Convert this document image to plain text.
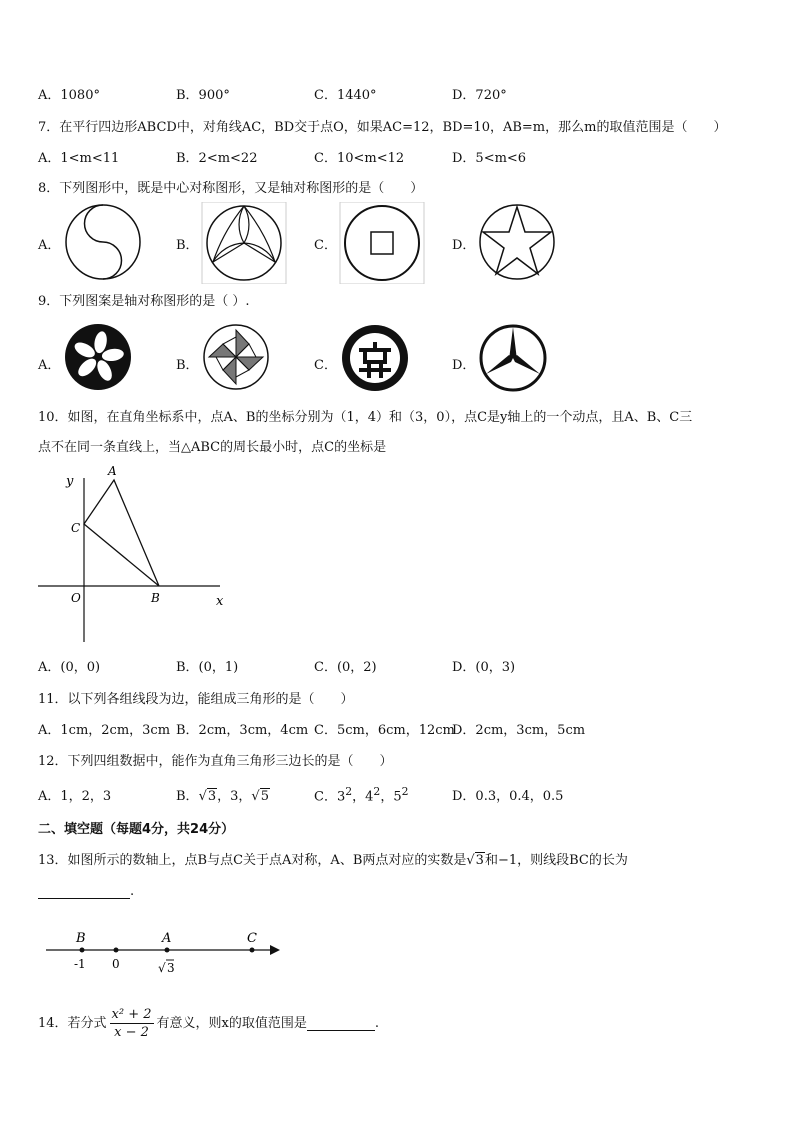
A．1080°	B．900°	C．1440°	D．720°
7．在平行四边形ABCD中，对角线AC，BD交于点O，如果AC=12，BD=10，AB=m，那么m的取值范围是（　　）
A．1<m<11	B．2<m<22	C．10<m<12	D．5<m<6
8．下列图形中，既是中心对称图形，又是轴对称图形的是（　　）
A．	B．	C．	D．
9．下列图案是轴对称图形的是（ ）.
A．	B．	C．	D．
10．如图，在直角坐标系中，点A、B的坐标分别为（1，4）和（3，0），点C是y轴上的一个动点，且A、B、C三
点不在同一条直线上，当△ABC的周长最小时，点C的坐标是
y
x
A
B
C
O
A．(0，0)	B．(0，1)	C．(0，2)	D．(0，3)
11．以下列各组线段为边，能组成三角形的是（　　）
A．1cm，2cm，3cm B．2cm，3cm，4cm C．5cm，6cm，12cm
D．2cm，3cm，5cm
12．下列四组数据中，能作为直角三角形三边长的是（　　）
A．1，2，3	B．√3，3，√5	C．$3^2$，$4^2$，$5^2$	D．0.3，0.4，0.5
二、填空题（每题4分，共24分）
13．如图所示的数轴上，点B与点C关于点A对称，A、B两点对应的实数是√3和−1，则线段BC的长为
.
B	A	C
-1 0	√ 3
14．若分式 $\frac{\text{x² + 2}}{x - 2}$ 有意义，则x的取值范围是	.
